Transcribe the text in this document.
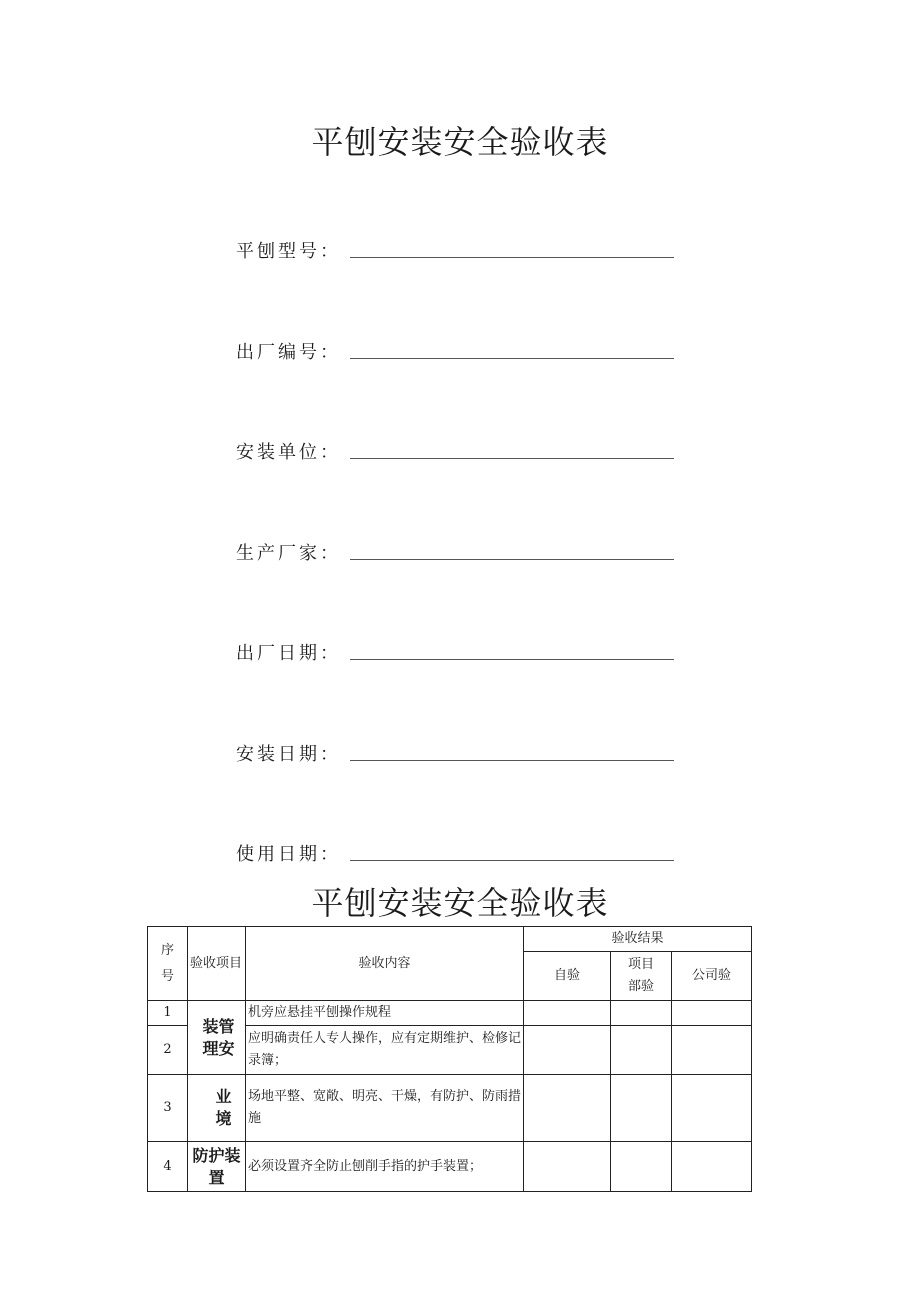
平刨安装安全验收表
平刨型号：
出厂编号：
安装单位：
生产厂家：
出厂日期：
安装日期：
使用日期：
平刨安装安全验收表
序号	验收项目	验收内容	验收结果		
			自验	项目部验	公司验
1	装管理安	机旁应悬挂平刨操作规程			
2		应明确责任人专人操作，应有定期维护、检修记录簿；			
3	业境	场地平整、宽敞、明亮、干燥，有防护、防雨措施			
4	防护装置	必须设置齐全防止刨削手指的护手装置；			
